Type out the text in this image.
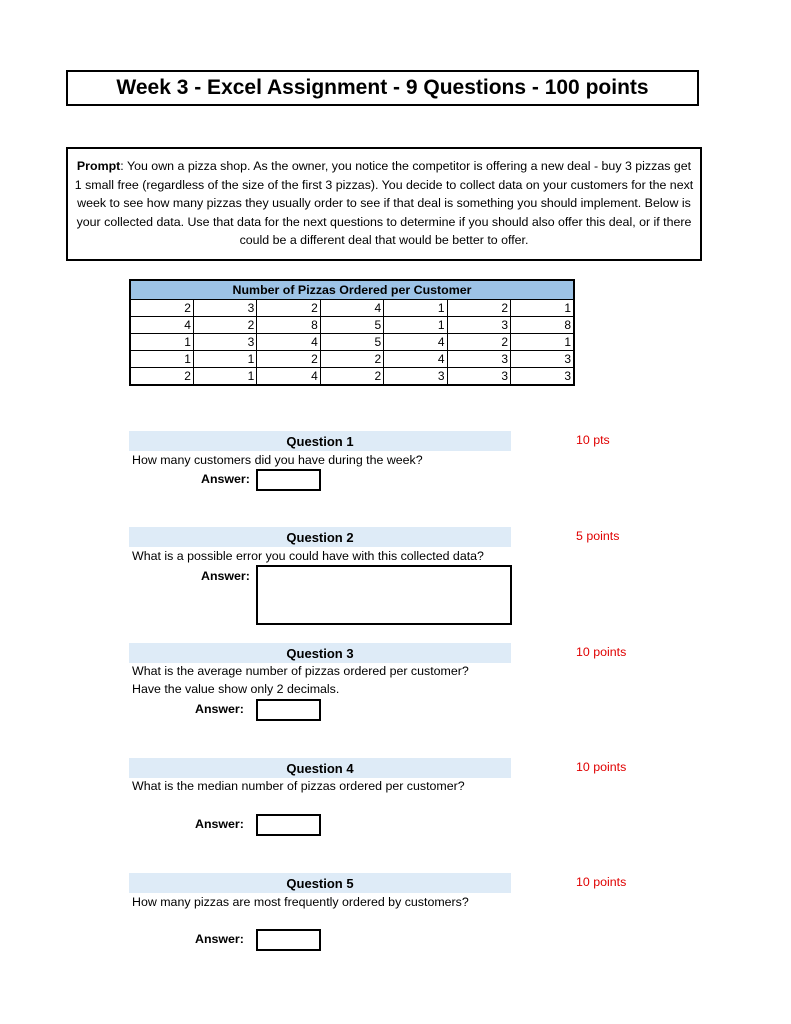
Week 3 - Excel Assignment - 9 Questions - 100 points
Prompt: You own a pizza shop. As the owner, you notice the competitor is offering a new deal - buy 3 pizzas get 1 small free (regardless of the size of the first 3 pizzas). You decide to collect data on your customers for the next week to see how many pizzas they usually order to see if that deal is something you should implement. Below is your collected data. Use that data for the next questions to determine if you should also offer this deal, or if there could be a different deal that would be better to offer.
Number of Pizzas Ordered per Customer						
2	3	2	4	1	2	1
4	2	8	5	1	3	8
1	3	4	5	4	2	1
1	1	2	2	4	3	3
2	1	4	2	3	3	3
Question 1	10 pts
How many customers did you have during the week?
Answer:
Question 2	5 points
What is a possible error you could have with this collected data?
Answer:
Question 3	10 points
What is the average number of pizzas ordered per customer?
Have the value show only 2 decimals.
Answer:
Question 4	10 points
What is the median number of pizzas ordered per customer?
Answer:
Question 5	10 points
How many pizzas are most frequently ordered by customers?
Answer:
